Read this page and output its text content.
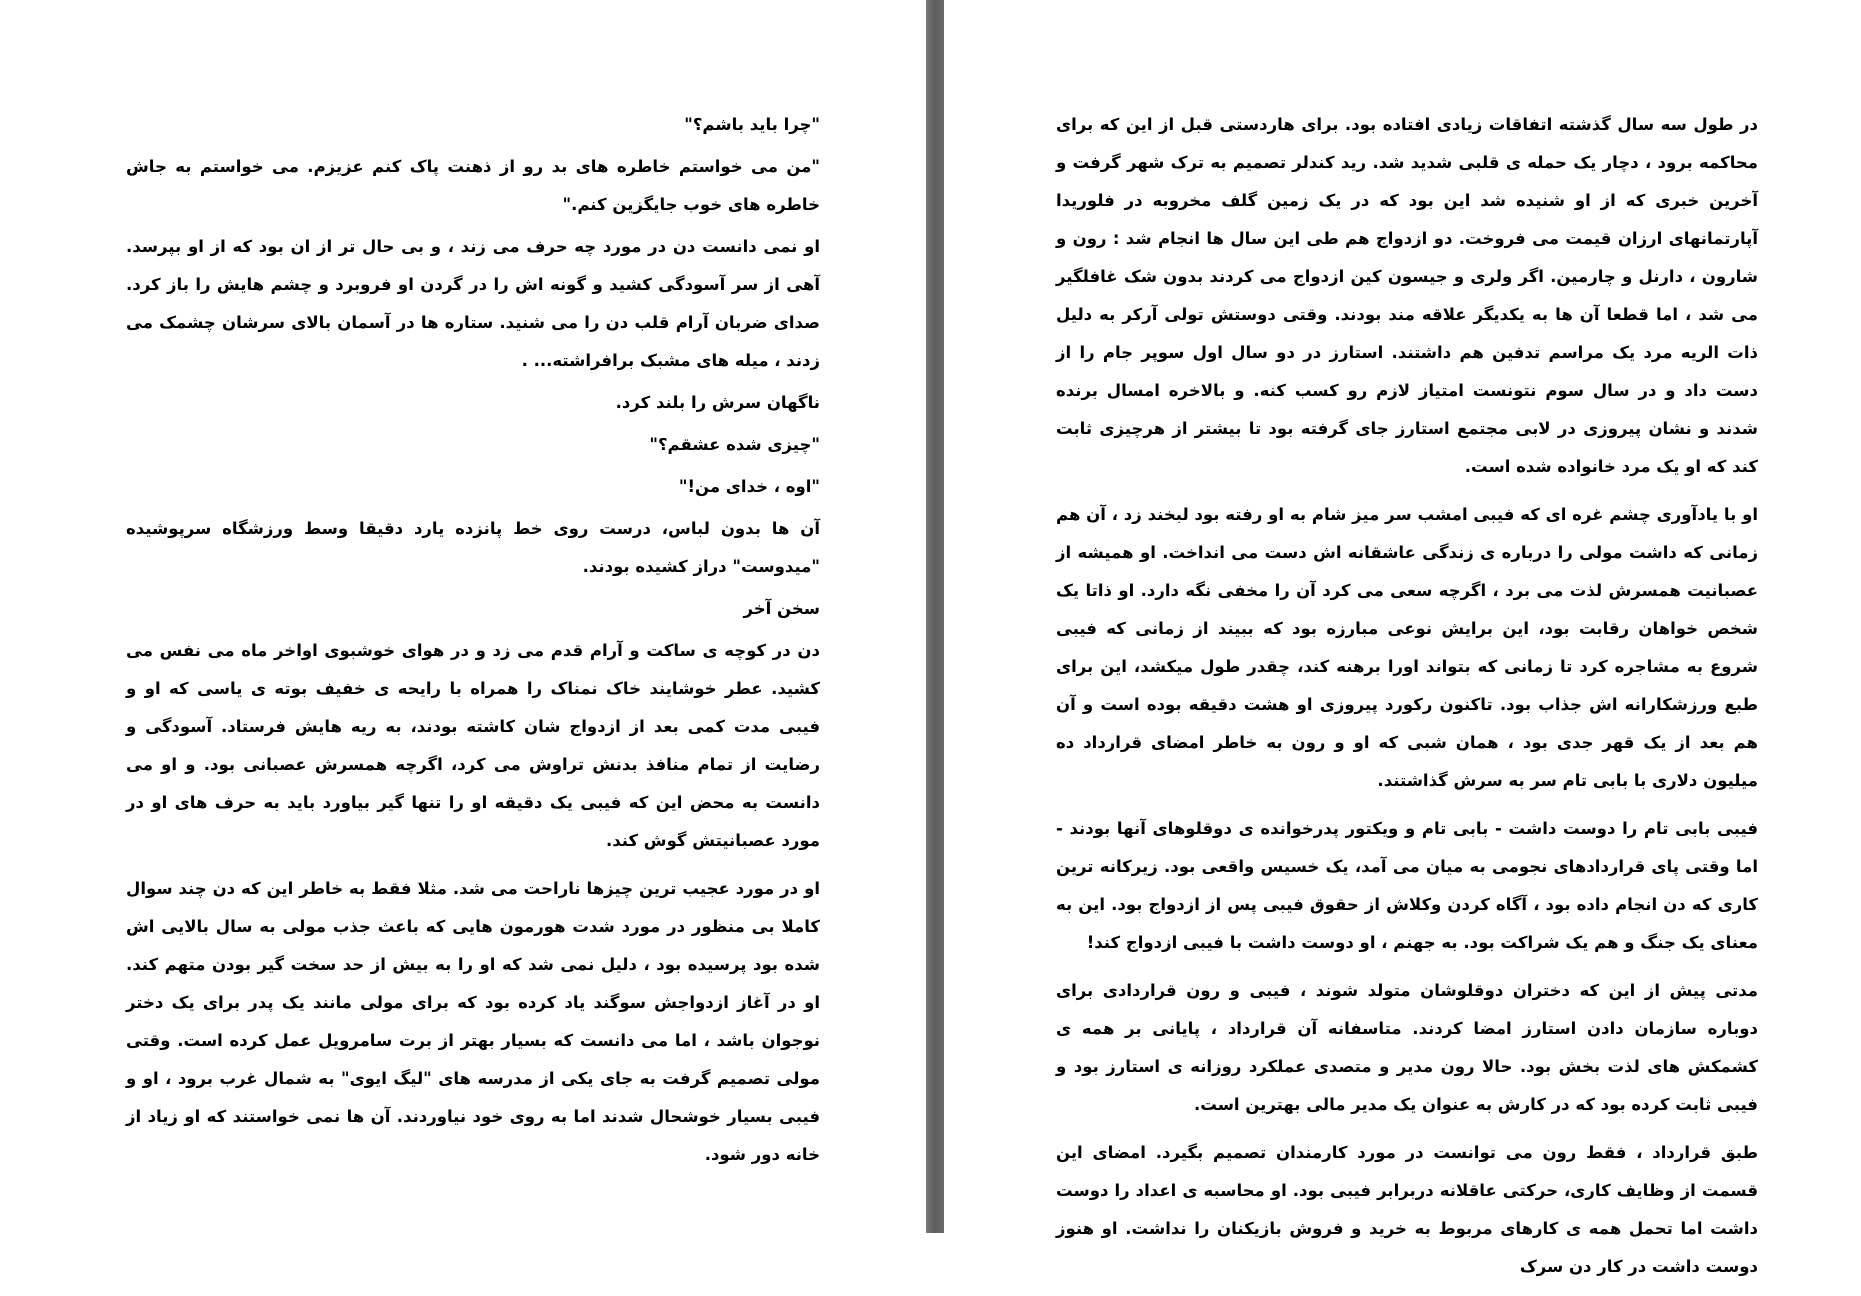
"چرا باید باشم؟"

"من می خواستم خاطره های بد رو از ذهنت پاک کنم عزیزم. می خواستم به جاش خاطره های خوب جایگزین کنم."

او نمی دانست دن در مورد چه حرف می زند ، و بی حال تر از ان بود که از او بپرسد. آهی از سر آسودگی کشید و گونه اش را در گردن او فروبرد و چشم هایش را باز کرد. صدای ضربان آرام قلب دن را می شنید. ستاره ها در آسمان بالای سرشان چشمک می زدند ، میله های مشبک برافراشته... .

ناگهان سرش را بلند کرد.

"چیزی شده عشقم؟"

"اوه ، خدای من!"

آن ها بدون لباس، درست روی خط پانزده یارد دقیقا وسط ورزشگاه سرپوشیده "میدوست" دراز کشیده بودند.

سخن آخر

دن در کوچه ی ساکت و آرام قدم می زد و در هوای خوشبوی اواخر ماه می نفس می کشید. عطر خوشایند خاک نمناک را همراه با رایحه ی خفیف بوته ی یاسی که او و فیبی مدت کمی بعد از ازدواج شان کاشته بودند، به ریه هایش فرستاد. آسودگی و رضایت از تمام منافذ بدنش تراوش می کرد، اگرچه همسرش عصبانی بود. و او می دانست به محض این که فیبی یک دقیقه او را تنها گیر بیاورد باید به حرف های او در مورد عصبانیتش گوش کند.

او در مورد عجیب ترین چیزها ناراحت می شد. مثلا فقط به خاطر این که دن چند سوال کاملا بی منظور در مورد شدت هورمون هایی که باعث جذب مولی به سال بالایی اش شده بود پرسیده بود ، دلیل نمی شد که او را به بیش از حد سخت گیر بودن متهم کند. او در آغاز ازدواجش سوگند یاد کرده بود که برای مولی مانند یک پدر برای یک دختر نوجوان باشد ، اما می دانست که بسیار بهتر از برت سامرویل عمل کرده است. وقتی مولی تصمیم گرفت به جای یکی از مدرسه های "لیگ ایوی" به شمال غرب برود ، او و فیبی بسیار خوشحال شدند اما به روی خود نیاوردند. آن ها نمی خواستند که او زیاد از خانه دور شود.

در طول سه سال گذشته اتفاقات زیادی افتاده بود. برای هاردستی قبل از این که برای محاکمه برود ، دچار یک حمله ی قلبی شدید شد. رید کندلر تصمیم به ترک شهر گرفت و آخرین خبری که از او شنیده شد این بود که در یک زمین گلف مخروبه در فلوریدا آپارتمانهای ارزان قیمت می فروخت. دو ازدواج هم طی این سال ها انجام شد : رون و شارون ، دارنل و چارمین. اگر ولری و جیسون کین ازدواج می کردند بدون شک غافلگیر می شد ، اما قطعا آن ها به یکدیگر علاقه مند بودند. وقتی دوستش تولی آرکر به دلیل ذات الریه مرد یک مراسم تدفین هم داشتند. استارز در دو سال اول سوپر جام را از دست داد و در سال سوم نتونست امتیاز لازم رو کسب کنه. و بالاخره امسال برنده شدند و نشان پیروزی در لابی مجتمع استارز جای گرفته بود تا بیشتر از هرچیزی ثابت کند که او یک مرد خانواده شده است.

او با یادآوری چشم غره ای که فیبی امشب سر میز شام به او رفته بود لبخند زد ، آن هم زمانی که داشت مولی را درباره ی زندگی عاشقانه اش دست می انداخت. او همیشه از عصبانیت همسرش لذت می برد ، اگرچه سعی می کرد آن را مخفی نگه دارد. او ذاتا یک شخص خواهان رقابت بود، این برایش نوعی مبارزه بود که ببیند از زمانی که فیبی شروع به مشاجره کرد تا زمانی که بتواند اورا برهنه کند، چقدر طول میکشد، این برای طبع ورزشکارانه اش جذاب بود. تاکنون رکورد پیروزی او هشت دقیقه بوده است و آن هم بعد از یک قهر جدی بود ، همان شبی که او و رون به خاطر امضای قرارداد ده میلیون دلاری با بابی تام سر به سرش گذاشتند.

فیبی بابی تام را دوست داشت - بابی تام و ویکتور پدرخوانده ی دوقلوهای آنها بودند - اما وقتی پای قراردادهای نجومی به میان می آمد، یک خسیس واقعی بود. زیرکانه ترین کاری که دن انجام داده بود ، آگاه کردن وکلاش از حقوق فیبی پس از ازدواج بود. این به معنای یک جنگ و هم یک شراکت بود. به جهنم ، او دوست داشت با فیبی ازدواج کند!

مدتی پیش از این که دختران دوقلوشان متولد شوند ، فیبی و رون قراردادی برای دوباره سازمان دادن استارز امضا کردند. متاسفانه آن قرارداد ، پایانی بر همه ی کشمکش های لذت بخش بود. حالا رون مدیر و متصدی عملکرد روزانه ی استارز بود و فیبی ثابت کرده بود که در کارش به عنوان یک مدیر مالی بهترین است.

طبق قرارداد ، فقط رون می توانست در مورد کارمندان تصمیم بگیرد. امضای این قسمت از وظایف کاری، حرکتی عاقلانه دربرابر فیبی بود. او محاسبه ی اعداد را دوست داشت اما تحمل همه ی کارهای مربوط به خرید و فروش بازیکنان را نداشت. او هنوز دوست داشت در کار دن سرک
